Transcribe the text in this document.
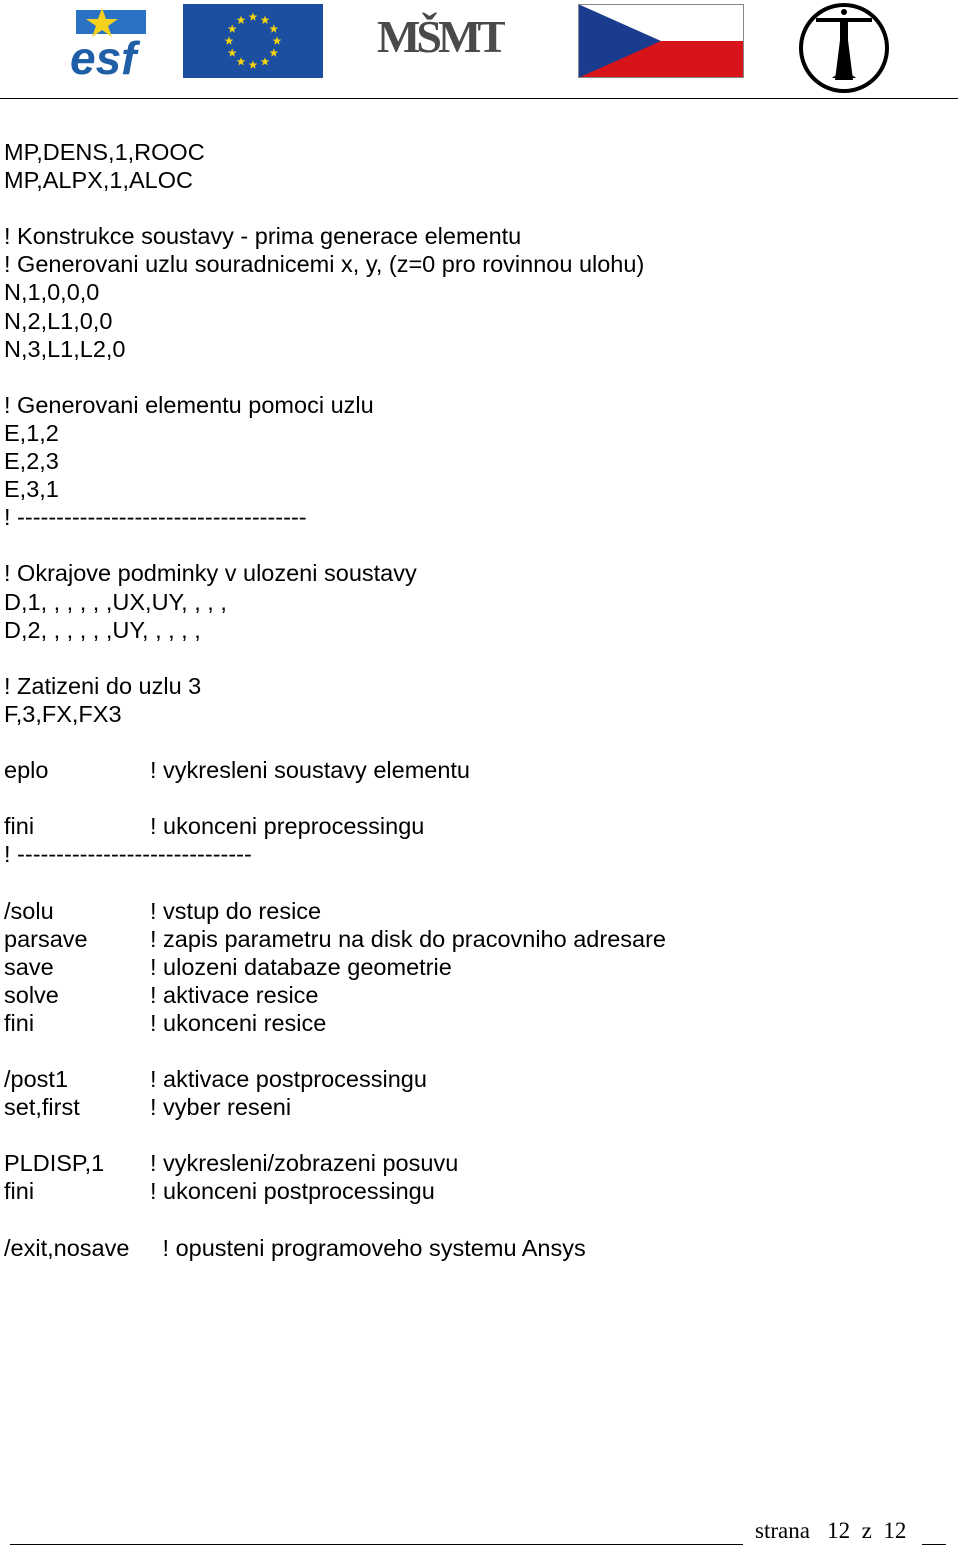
esf	MŠMT
MP,DENS,1,ROOC
MP,ALPX,1,ALOC
! Konstrukce soustavy - prima generace elementu
! Generovani uzlu souradnicemi x, y, (z=0 pro rovinnou ulohu)
N,1,0,0,0
N,2,L1,0,0
N,3,L1,L2,0
! Generovani elementu pomoci uzlu
E,1,2
E,2,3
E,3,1
! -------------------------------------
! Okrajove podminky v ulozeni soustavy
D,1, , , , , ,UX,UY, , , ,
D,2, , , , , ,UY, , , , ,
! Zatizeni do uzlu 3
F,3,FX,FX3
eplo	! vykresleni soustavy elementu
fini	! ukonceni preprocessingu
! ------------------------------
/solu	! vstup do resice
parsave	! zapis parametru na disk do pracovniho adresare
save	! ulozeni databaze geometrie
solve	! aktivace resice
fini	! ukonceni resice
/post1	! aktivace postprocessingu
set,first	! vyber reseni
PLDISP,1 ! vykresleni/zobrazeni posuvu
fini	! ukonceni postprocessingu
/exit,nosave ! opusteni programoveho systemu Ansys
strana 12 z 12
